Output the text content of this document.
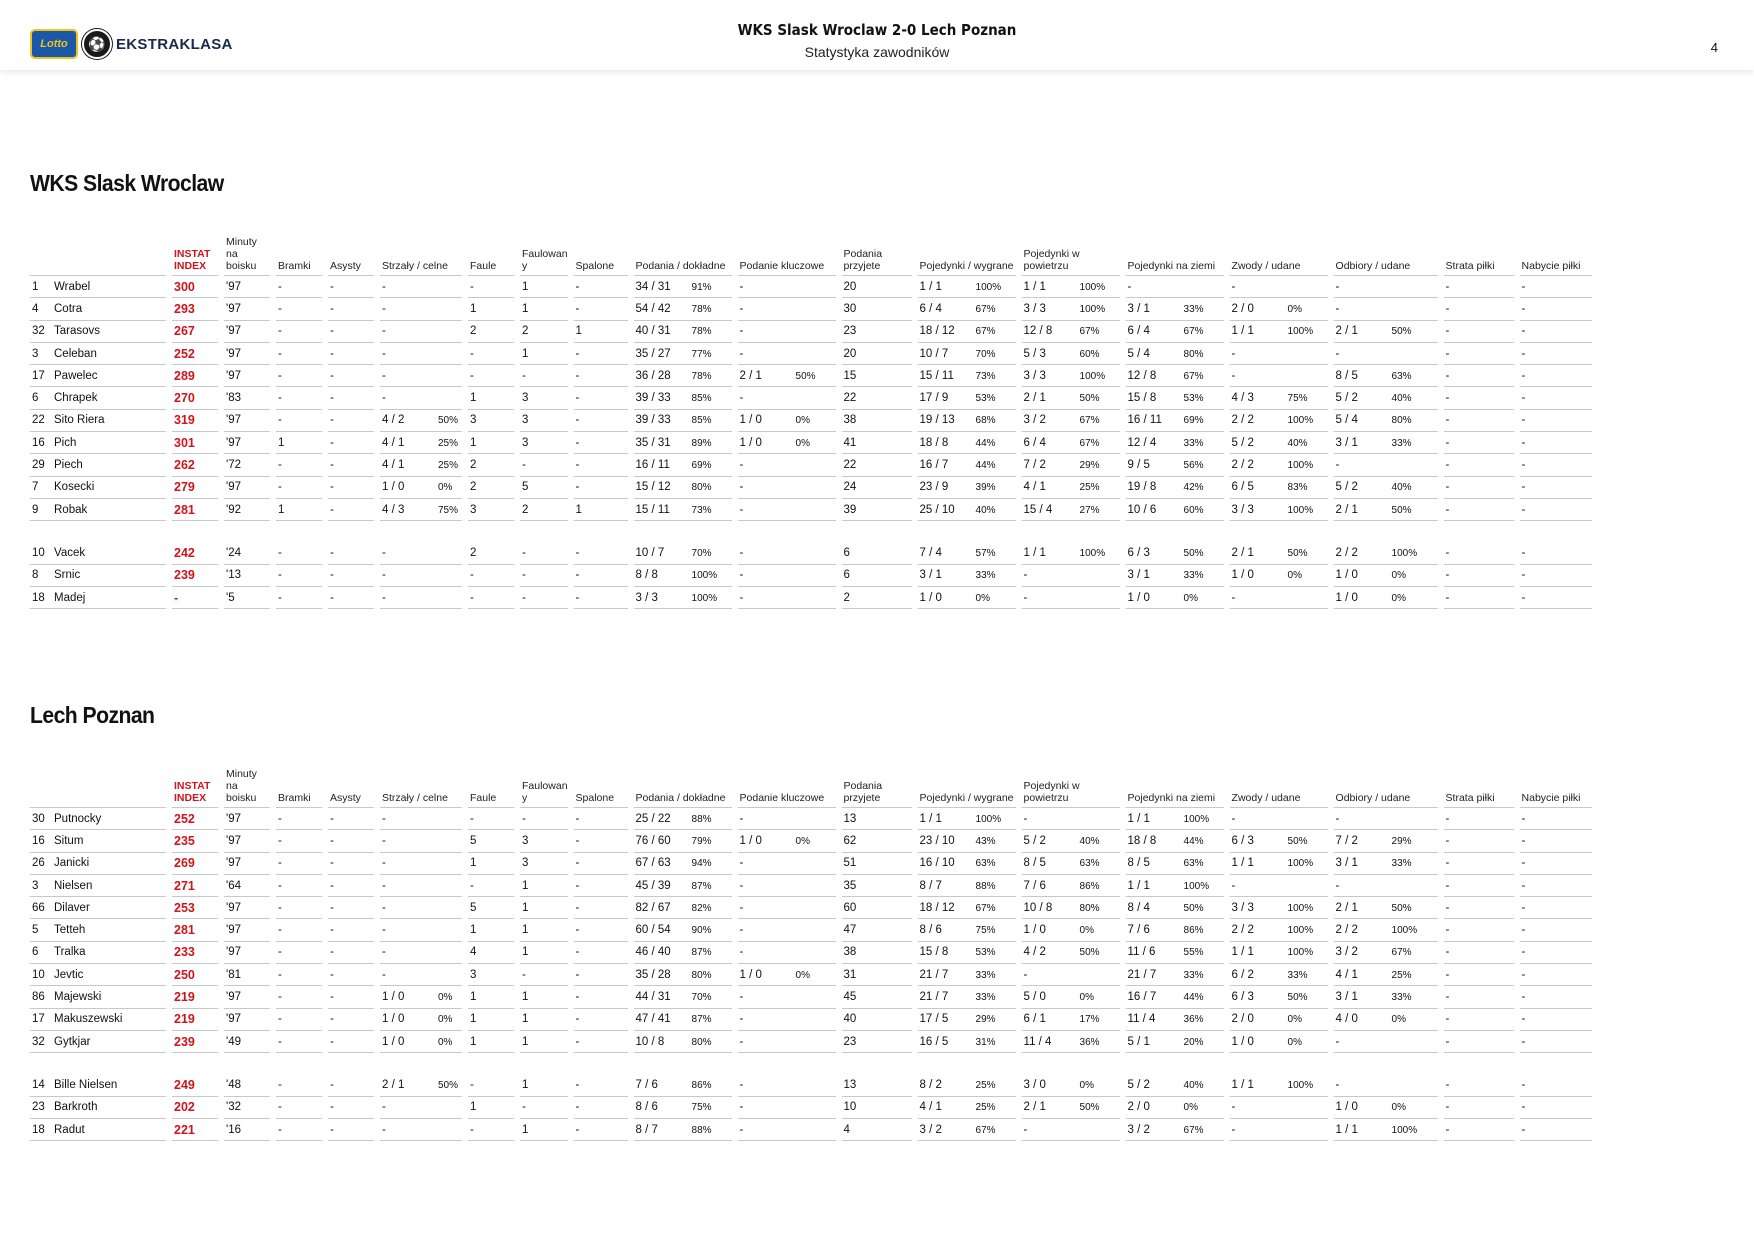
Lotto	⚽ EKSTRAKLASA
WKS Slask Wroclaw 2-0 Lech Poznan
Statystyka zawodników	4
WKS Slask Wroclaw
	INSTAT INDEX	Minuty na boisku	Bramki	Asysty	Strzały / celne	Faule	Faulowan y	Spalone	Podania / dokładne	Podanie kluczowe	Podania przyjete	Pojedynki / wygrane	Pojedynki w powietrzu	Pojedynki na ziemi	Zwody / udane	Odbiory / udane	Strata piłki	Nabycie piłki
1 Wrabel	300	'97	-	-	-	-	1	-	34 / 31 91%	-	20	1 / 1 100%	1 / 1 100%	-	-	-	-	-
4 Cotra	293	'97	-	-	-	1	1	-	54 / 42 78%	-	30	6 / 4 67%	3 / 3 100%	3 / 1 33%	2 / 0 0%	-	-	-
32 Tarasovs	267	'97	-	-	-	2	2	1	40 / 31 78%	-	23	18 / 12 67%	12 / 8 67%	6 / 4 67%	1 / 1 100%	2 / 1 50%	-	-
3 Celeban	252	'97	-	-	-	-	1	-	35 / 27 77%	-	20	10 / 7 70%	5 / 3 60%	5 / 4 80%	-	-	-	-
17 Pawelec	289	'97	-	-	-	-	-	-	36 / 28 78%	2 / 1 50%	15	15 / 11 73%	3 / 3 100%	12 / 8 67%	-	8 / 5 63%	-	-
6 Chrapek	270	'83	-	-	-	1	3	-	39 / 33 85%	-	22	17 / 9 53%	2 / 1 50%	15 / 8 53%	4 / 3 75%	5 / 2 40%	-	-
22 Sito Riera	319	'97	-	-	4 / 2 50%	3	3	-	39 / 33 85%	1 / 0 0%	38	19 / 13 68%	3 / 2 67%	16 / 11 69%	2 / 2 100%	5 / 4 80%	-	-
16 Pich	301	'97	1	-	4 / 1 25%	1	3	-	35 / 31 89%	1 / 0 0%	41	18 / 8 44%	6 / 4 67%	12 / 4 33%	5 / 2 40%	3 / 1 33%	-	-
29 Piech	262	'72	-	-	4 / 1 25%	2	-	-	16 / 11 69%	-	22	16 / 7 44%	7 / 2 29%	9 / 5 56%	2 / 2 100%	-	-	-
7 Kosecki	279	'97	-	-	1 / 0 0%	2	5	-	15 / 12 80%	-	24	23 / 9 39%	4 / 1 25%	19 / 8 42%	6 / 5 83%	5 / 2 40%	-	-
9 Robak	281	'92	1	-	4 / 3 75%	3	2	1	15 / 11 73%	-	39	25 / 10 40%	15 / 4 27%	10 / 6 60%	3 / 3 100%	2 / 1 50%	-	-

10 Vacek	242	'24	-	-	-	2	-	-	10 / 7 70%	-	6	7 / 4 57%	1 / 1 100%	6 / 3 50%	2 / 1 50%	2 / 2 100%	-	-
8 Srnic	239	'13	-	-	-	-	-	-	8 / 8 100%	-	6	3 / 1 33%	-	3 / 1 33%	1 / 0 0%	1 / 0 0%	-	-
18 Madej	-	'5	-	-	-	-	-	-	3 / 3 100%	-	2	1 / 0 0%	-	1 / 0 0%	-	1 / 0 0%	-	-
Lech Poznan
	INSTAT INDEX	Minuty na boisku	Bramki	Asysty	Strzały / celne	Faule	Faulowan y	Spalone	Podania / dokładne	Podanie kluczowe	Podania przyjete	Pojedynki / wygrane	Pojedynki w powietrzu	Pojedynki na ziemi	Zwody / udane	Odbiory / udane	Strata piłki	Nabycie piłki
30 Putnocky	252	'97	-	-	-	-	-	-	25 / 22 88%	-	13	1 / 1 100%	-	1 / 1 100%	-	-	-	-
16 Situm	235	'97	-	-	-	5	3	-	76 / 60 79%	1 / 0 0%	62	23 / 10 43%	5 / 2 40%	18 / 8 44%	6 / 3 50%	7 / 2 29%	-	-
26 Janicki	269	'97	-	-	-	1	3	-	67 / 63 94%	-	51	16 / 10 63%	8 / 5 63%	8 / 5 63%	1 / 1 100%	3 / 1 33%	-	-
3 Nielsen	271	'64	-	-	-	-	1	-	45 / 39 87%	-	35	8 / 7 88%	7 / 6 86%	1 / 1 100%	-	-	-	-
66 Dilaver	253	'97	-	-	-	5	1	-	82 / 67 82%	-	60	18 / 12 67%	10 / 8 80%	8 / 4 50%	3 / 3 100%	2 / 1 50%	-	-
5 Tetteh	281	'97	-	-	-	1	1	-	60 / 54 90%	-	47	8 / 6 75%	1 / 0 0%	7 / 6 86%	2 / 2 100%	2 / 2 100%	-	-
6 Tralka	233	'97	-	-	-	4	1	-	46 / 40 87%	-	38	15 / 8 53%	4 / 2 50%	11 / 6 55%	1 / 1 100%	3 / 2 67%	-	-
10 Jevtic	250	'81	-	-	-	3	-	-	35 / 28 80%	1 / 0 0%	31	21 / 7 33%	-	21 / 7 33%	6 / 2 33%	4 / 1 25%	-	-
86 Majewski	219	'97	-	-	1 / 0 0%	1	1	-	44 / 31 70%	-	45	21 / 7 33%	5 / 0 0%	16 / 7 44%	6 / 3 50%	3 / 1 33%	-	-
17 Makuszewski	219	'97	-	-	1 / 0 0%	1	1	-	47 / 41 87%	-	40	17 / 5 29%	6 / 1 17%	11 / 4 36%	2 / 0 0%	4 / 0 0%	-	-
32 Gytkjar	239	'49	-	-	1 / 0 0%	1	1	-	10 / 8 80%	-	23	16 / 5 31%	11 / 4 36%	5 / 1 20%	1 / 0 0%	-	-	-

14 Bille Nielsen	249	'48	-	-	2 / 1 50%	-	1	-	7 / 6 86%	-	13	8 / 2 25%	3 / 0 0%	5 / 2 40%	1 / 1 100%	-	-	-
23 Barkroth	202	'32	-	-	-	1	-	-	8 / 6 75%	-	10	4 / 1 25%	2 / 1 50%	2 / 0 0%	-	1 / 0 0%	-	-
18 Radut	221	'16	-	-	-	-	1	-	8 / 7 88%	-	4	3 / 2 67%	-	3 / 2 67%	-	1 / 1 100%	-	-
